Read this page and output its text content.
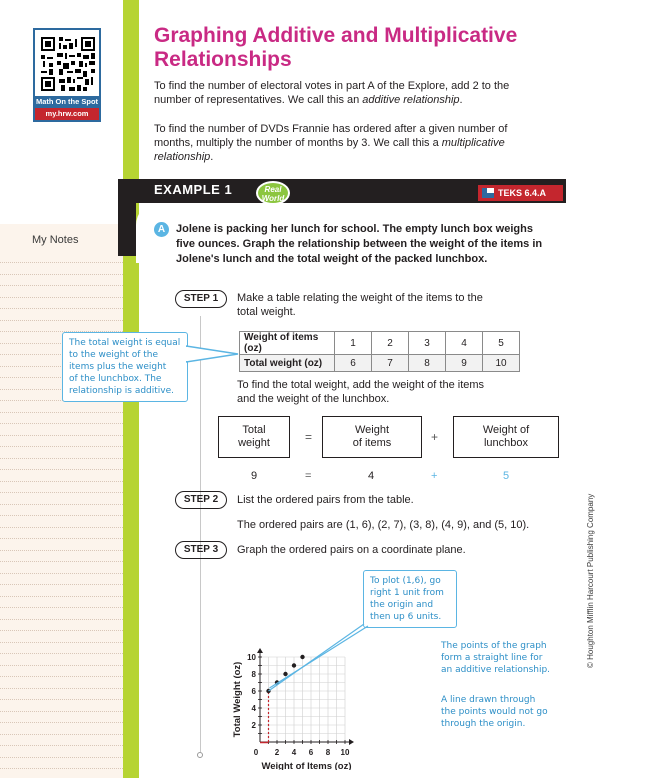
My Notes
Math On the Spot
my.hrw.com
Graphing Additive and Multiplicative Relationships
To find the number of electoral votes in part A of the Explore, add 2 to the
number of representatives. We call this an additive relationship.
To find the number of DVDs Frannie has ordered after a given number of
months, multiply the number of months by 3. We call this a multiplicative
relationship.
EXAMPLE 1	Real
World
TEKS 6.4.A
A Jolene is packing her lunch for school. The empty lunch box weighs
five ounces. Graph the relationship between the weight of the items in
Jolene's lunch and the total weight of the packed lunchbox.
STEP 1	Make a table relating the weight of the items to the
total weight.
Weight of items (oz)	1	2	3	4	5
Total weight (oz)	6	7	8	9	10
The total weight is equal
to the weight of the
items plus the weight
of the lunchbox. The
relationship is additive.	To find the total weight, add the weight of the items
and the weight of the lunchbox.
Total
weight	=	Weight
of items	+	Weight of
lunchbox
9	=	4	+	5
STEP 2	List the ordered pairs from the table.
The ordered pairs are (1, 6), (2, 7), (3, 8), (4, 9), and (5, 10).
STEP 3	Graph the ordered pairs on a coordinate plane.
To plot (1,6), go
right 1 unit from
the origin and
then up 6 units.
The points of the graph
form a straight line for
an additive relationship.
A line drawn through
the points would not go
through the origin.
0 2 4 6 8 10
2
4
6
8
10
Weight of Items (oz)
Total Weight (oz)
© Houghton Mifflin Harcourt Publishing Company
